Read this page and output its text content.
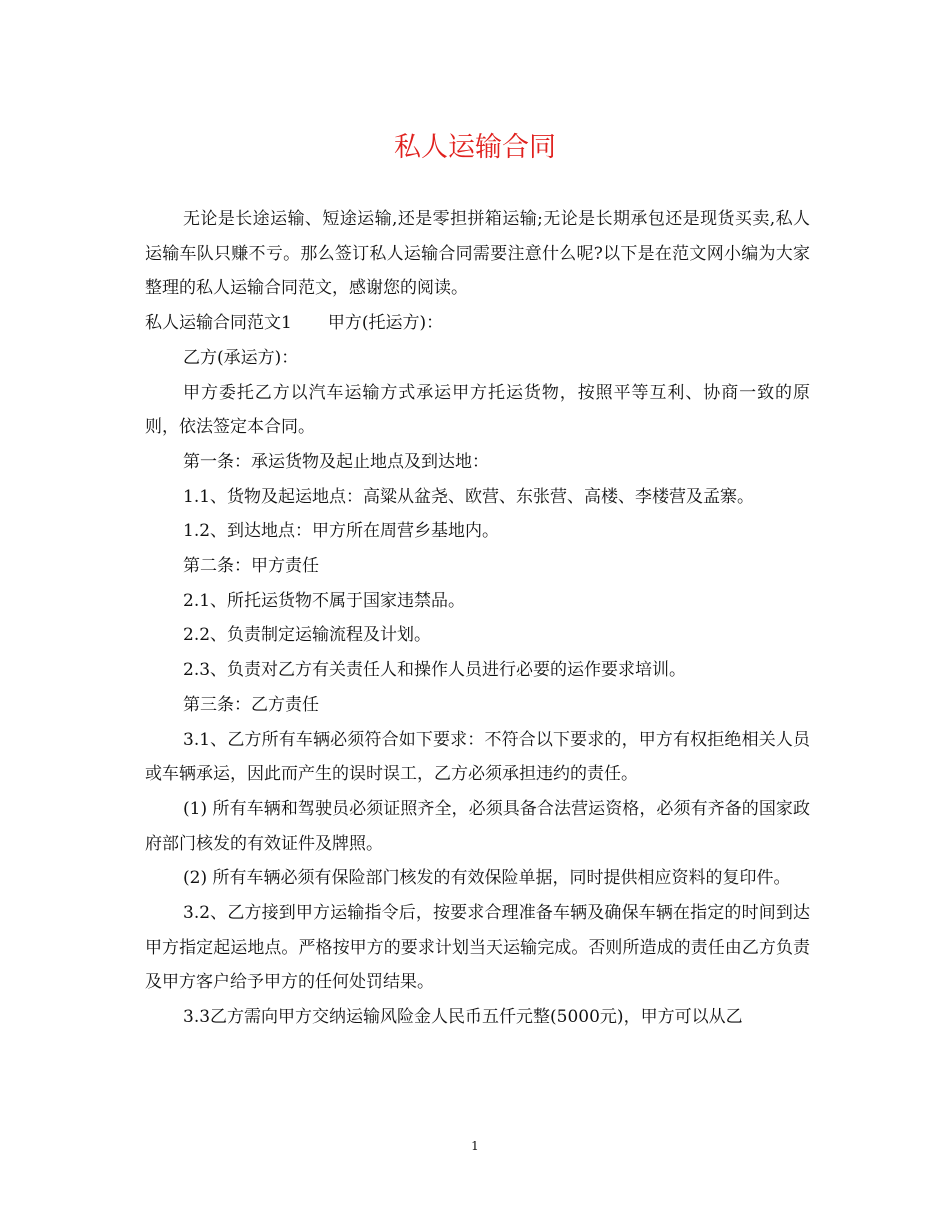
私人运输合同

无论是长途运输、短途运输,还是零担拼箱运输;无论是长期承包还是现货买卖,私人运输车队只赚不亏。那么签订私人运输合同需要注意什么呢?以下是在范文网小编为大家整理的私人运输合同范文，感谢您的阅读。

私人运输合同范文1 甲方(托运方)：

乙方(承运方)：

甲方委托乙方以汽车运输方式承运甲方托运货物，按照平等互利、协商一致的原则，依法签定本合同。

第一条：承运货物及起止地点及到达地：

1.1、货物及起运地点：高粱从盆尧、欧营、东张营、高楼、李楼营及孟寨。

1.2、到达地点：甲方所在周营乡基地内。

第二条：甲方责任

2.1、所托运货物不属于国家违禁品。

2.2、负责制定运输流程及计划。

2.3、负责对乙方有关责任人和操作人员进行必要的运作要求培训。

第三条：乙方责任

3.1、乙方所有车辆必须符合如下要求：不符合以下要求的，甲方有权拒绝相关人员或车辆承运，因此而产生的误时误工，乙方必须承担违约的责任。

(1) 所有车辆和驾驶员必须证照齐全，必须具备合法营运资格，必须有齐备的国家政府部门核发的有效证件及牌照。

(2) 所有车辆必须有保险部门核发的有效保险单据，同时提供相应资料的复印件。

3.2、乙方接到甲方运输指令后，按要求合理准备车辆及确保车辆在指定的时间到达甲方指定起运地点。严格按甲方的要求计划当天运输完成。否则所造成的责任由乙方负责及甲方客户给予甲方的任何处罚结果。

3.3乙方需向甲方交纳运输风险金人民币五仟元整(5000元)，甲方可以从乙

1
